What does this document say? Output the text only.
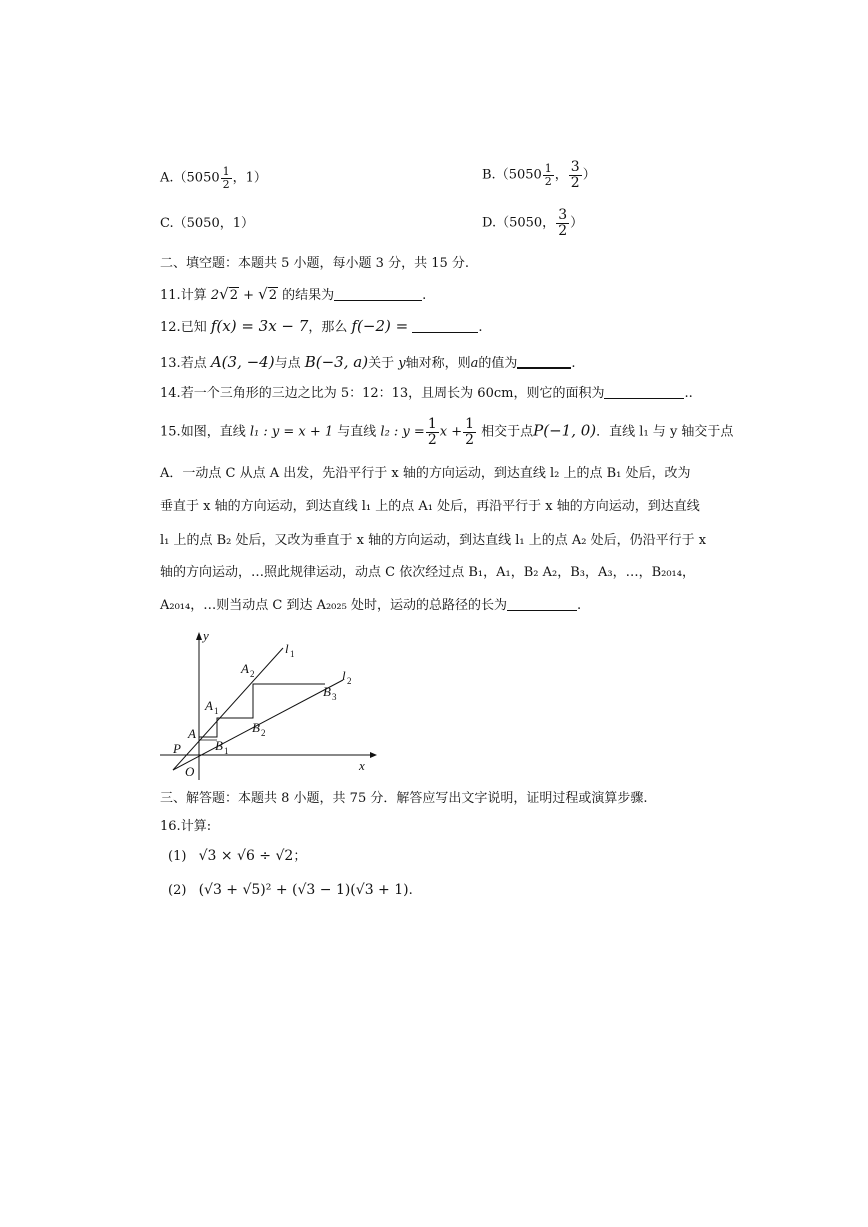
$A.(5050 \frac{1}{2}$ ，1）	$B.(5050 \frac{1}{2}$ ， $\frac{3}{2}$ ）
C.（5050，1）	D.（5050， $\frac{3}{2}$ ）
二、填空题：本题共 5 小题，每小题 3 分，共 15 分.
11.计算 2√2 + √2 的结果为	.
12.已知 f(x) = 3x − 7，那么 f(−2) =	.
13.若点 A(3, −4)与点 B(−3, a)关于 y轴对称，则a的值为	.
14.若一个三角形的三边之比为 5：12：13，且周长为 60cm，则它的面积为	..
15.如图，直线 l₁ : y = x + 1 与直线 l₂ : $y = \frac{1}{2}$ $x + \frac{1}{2}$ 相交于点P(−1, 0)．直线 l₁ 与 y 轴交于点
A．一动点 C 从点 A 出发，先沿平行于 x 轴的方向运动，到达直线 l₂ 上的点 B₁ 处后，改为
垂直于 x 轴的方向运动，到达直线 l₁ 上的点 A₁ 处后，再沿平行于 x 轴的方向运动，到达直线
l₁ 上的点 B₂ 处后，又改为垂直于 x 轴的方向运动，到达直线 l₁ 上的点 A₂ 处后，仍沿平行于 x
轴的方向运动，…照此规律运动，动点 C 依次经过点 B₁，A₁，B₂ A₂，B₃，A₃，…，B₂₀₁₄，
A₂₀₁₄，…则当动点 C 到达 A₂₀₂₅ 处时，运动的总路径的长为	.
y
x
O
P
A
A 1
A 2
B 1
B 2
B 3
l 1
l 2
三、解答题：本题共 8 小题，共 75 分．解答应写出文字说明，证明过程或演算步骤.
16.计算:
(1) √3 × √6 ÷ √2；
(2) (√3 + √5)² + (√3 − 1)(√3 + 1).
